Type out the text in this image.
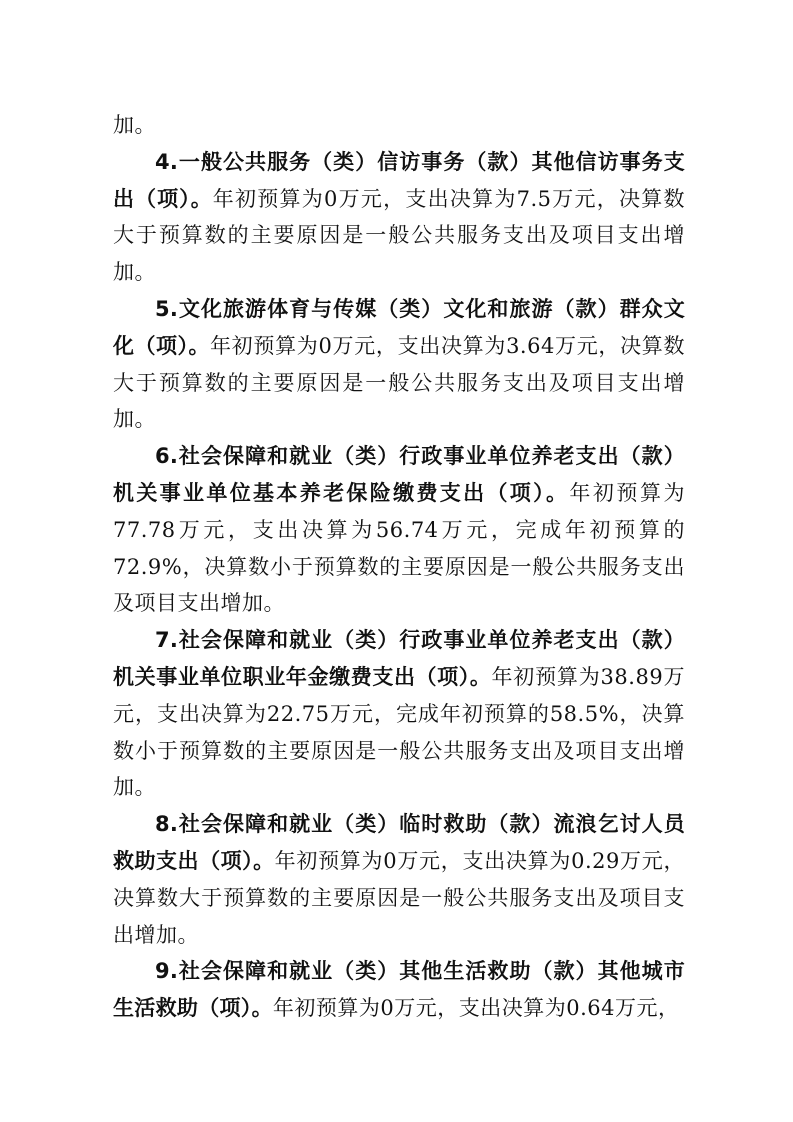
加。

4.一般公共服务（类）信访事务（款）其他信访事务支出（项）。年初预算为0万元，支出决算为7.5万元，决算数大于预算数的主要原因是一般公共服务支出及项目支出增加。

5.文化旅游体育与传媒（类）文化和旅游（款）群众文化（项）。年初预算为0万元，支出决算为3.64万元，决算数大于预算数的主要原因是一般公共服务支出及项目支出增加。

6.社会保障和就业（类）行政事业单位养老支出（款）机关事业单位基本养老保险缴费支出（项）。年初预算为77.78万元，支出决算为56.74万元，完成年初预算的72.9%，决算数小于预算数的主要原因是一般公共服务支出及项目支出增加。

7.社会保障和就业（类）行政事业单位养老支出（款）机关事业单位职业年金缴费支出（项）。年初预算为38.89万元，支出决算为22.75万元，完成年初预算的58.5%，决算数小于预算数的主要原因是一般公共服务支出及项目支出增加。

8.社会保障和就业（类）临时救助（款）流浪乞讨人员救助支出（项）。年初预算为0万元，支出决算为0.29万元，决算数大于预算数的主要原因是一般公共服务支出及项目支出增加。

9.社会保障和就业（类）其他生活救助（款）其他城市生活救助（项）。年初预算为0万元，支出决算为0.64万元，
